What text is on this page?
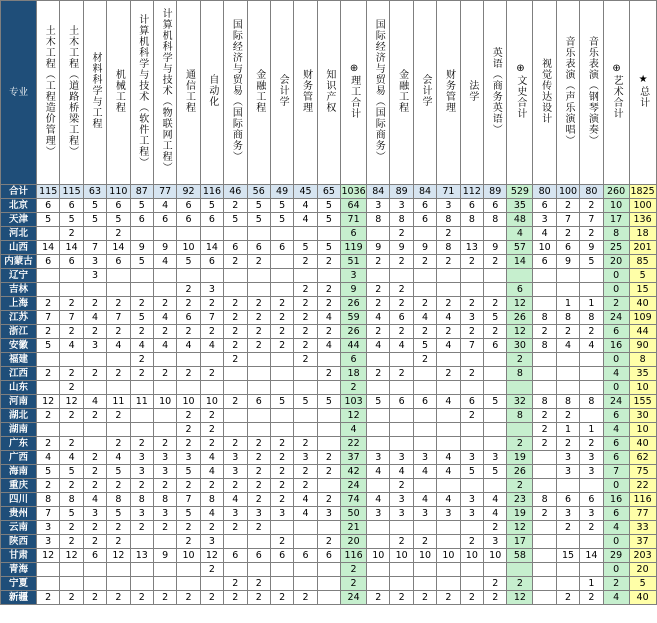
专业	土木工程（工程造价管理）	土木工程（道路桥梁工程）	材料科学与工程	机械工程	计算机科学与技术（软件工程）	计算机科学与技术（物联网工程）	通信工程	自动化	国际经济与贸易（国际商务）	金融工程	会计学	财务管理	知识产权	⊕理工合计	国际经济与贸易（国际商务）	金融工程	会计学	财务管理	法学	英语（商务英语）	⊕文史合计	视觉传达设计	音乐表演（声乐演唱）	音乐表演（钢琴演奏）	⊕艺术合计	★总计
合计	115	115	63	110	87	77	92	116	46	56	49	45	65	1036	84	89	84	71	112	89	529	80	100	80	260	1825
北京	6	6	5	6	5	4	6	5	2	5	5	4	5	64	3	3	6	3	6	6	35	6	2	2	10	100
天津	5	5	5	5	6	6	6	6	5	5	5	4	5	71	8	8	6	8	8	8	48	3	7	7	17	136
河北		2		2										6		2		2			4	4	2	2	8	18
山西	14	14	7	14	9	9	10	14	6	6	6	5	5	119	9	9	9	8	13	9	57	10	6	9	25	201
内蒙古	6	6	3	6	5	4	5	6	2	2		2	2	51	2	2	2	2	2	2	14	6	9	5	20	85
辽宁			3											3											0	5
吉林							2	3				2	2	9	2	2					6				0	15
上海	2	2	2	2	2	2	2	2	2	2	2	2	2	26	2	2	2	2	2	2	12		1	1	2	40
江苏	7	7	4	7	5	4	6	7	2	2	2	2	4	59	4	6	4	4	3	5	26	8	8	8	24	109
浙江	2	2	2	2	2	2	2	2	2	2	2	2	2	26	2	2	2	2	2	2	12	2	2	2	6	44
安徽	5	4	3	4	4	4	4	4	2	2	2	2	4	44	4	4	5	4	7	6	30	8	4	4	16	90
福建					2				2			2		6			2				2				0	8
江西	2	2	2	2	2	2	2	2					2	18	2	2		2	2		8				4	35
山东		2												2											0	10
河南	12	12	4	11	11	10	10	10	2	6	5	5	5	103	5	6	6	4	6	5	32	8	8	8	24	155
湖北	2	2	2	2			2	2						12					2		8	2	2		6	30
湖南							2	2						4								2	1	1	4	10
广东	2	2		2	2	2	2	2	2	2	2	2		22							2	2	2	2	6	40
广西	4	4	2	4	3	3	3	4	3	2	2	3	2	37	3	3	3	4	3	3	19		3	3	6	62
海南	5	5	2	5	3	3	5	4	3	2	2	2	2	42	4	4	4	4	5	5	26		3	3	7	75
重庆	2	2	2	2	2	2	2	2	2	2	2	2		24		2					2				0	22
四川	8	8	4	8	8	8	7	8	4	2	2	4	2	74	4	3	4	4	3	4	23	8	6	6	16	116
贵州	7	5	3	5	3	3	5	4	3	3	3	4	3	50	3	3	3	3	3	4	19	2	3	3	6	77
云南	3	2	2	2	2	2	2	2	2	2				21						2	12		2	2	4	33
陕西	3	2	2	2			2	3			2		2	20		2	2		2	3	17				0	37
甘肃	12	12	6	12	13	9	10	12	6	6	6	6	6	116	10	10	10	10	10	10	58		15	14	29	203
青海								2						2											0	20
宁夏									2	2				2						2	2			1	2	5
新疆	2	2	2	2	2	2	2	2	2	2	2	2		24	2	2	2	2	2	2	12		2	2	4	40
